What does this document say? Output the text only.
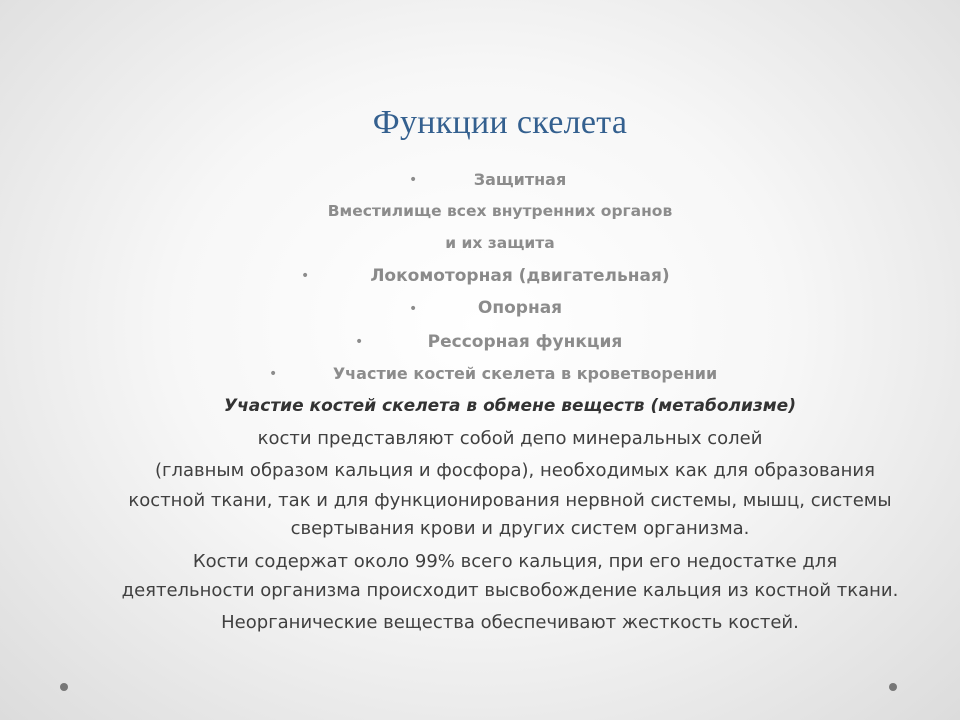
Функции скелета
•	Защитная
Вместилище всех внутренних органов
и их защита
•	Локомоторная (двигательная)
•	Опорная
•	Рессорная функция
•	Участие костей скелета в кроветворении
Участие костей скелета в обмене веществ (метаболизме)
кости представляют собой депо минеральных солей
(главным образом кальция и фосфора), необходимых как для образования
костной ткани, так и для функционирования нервной системы, мышц, системы
свертывания крови и других систем организма.
Кости содержат около 99% всего кальция, при его недостатке для
деятельности организма происходит высвобождение кальция из костной ткани.
Неорганические вещества обеспечивают жесткость костей.
